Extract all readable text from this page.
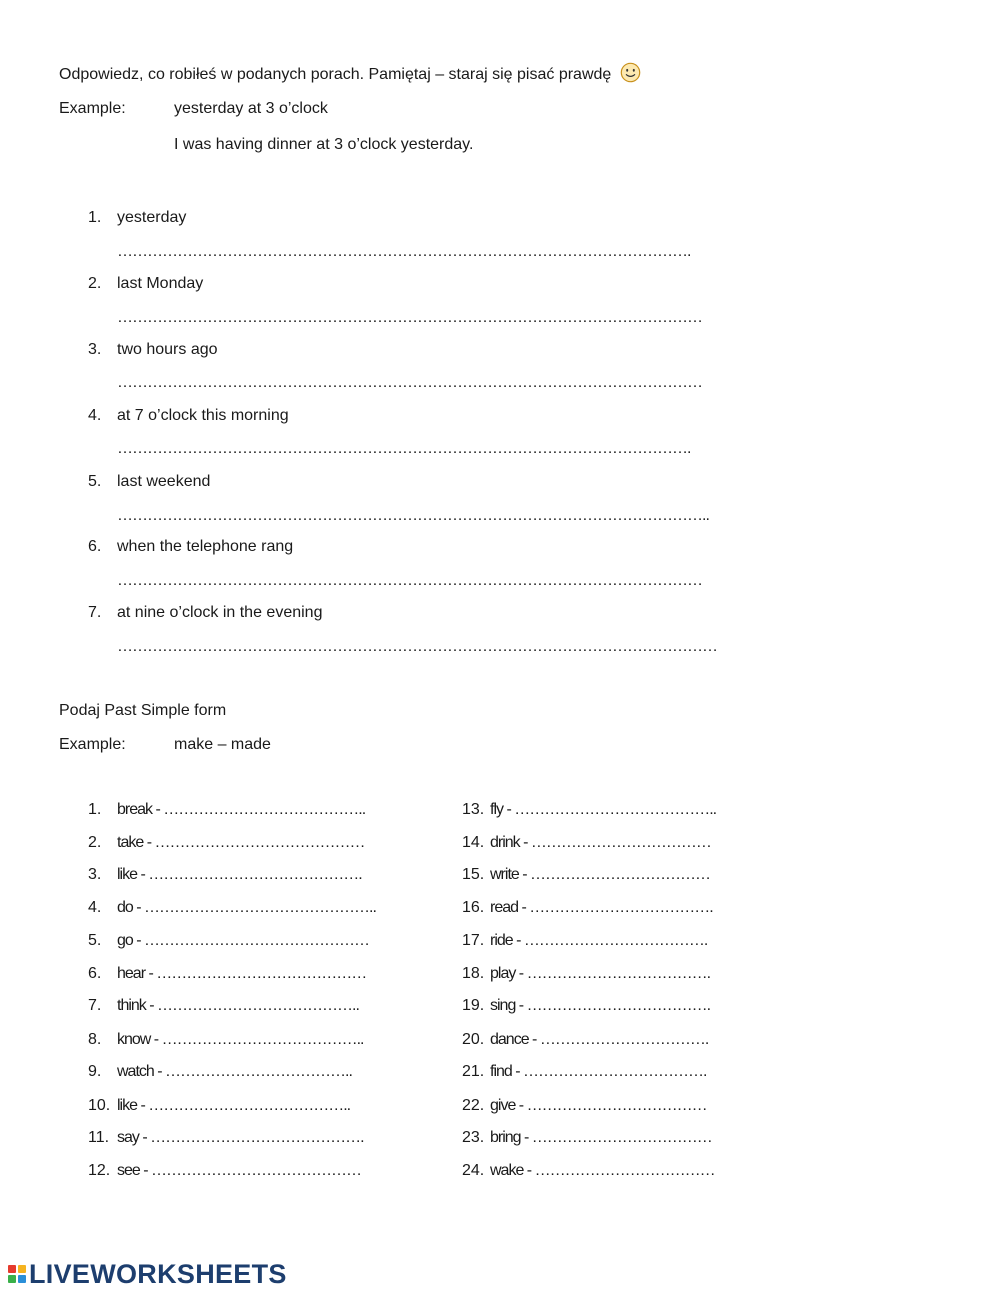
Odpowiedz, co robiłeś w podanych porach. Pamiętaj – staraj się pisać prawdę
Example:	yesterday at 3 o’clock
I was having dinner at 3 o’clock yesterday.
1. yesterday
…………………………………………………………………………………………………….
2. last Monday
………………………………………………………………………………………………………
3. two hours ago
………………………………………………………………………………………………………
4. at 7 o’clock this morning
…………………………………………………………………………………………………….
5. last weekend
………………………………………………………………………………………………………..
6. when the telephone rang
………………………………………………………………………………………………………
7. at nine o’clock in the evening
…………………………………………………………………………………………………………
Podaj Past Simple form
Example:	make – made
1. break - …………………………………..
2. take - ……………………………………
3. like - …………………………………….
4. do - ………………………………………..
5. go - ………………………………………
6. hear - ……………………………………
7. think - …………………………………..
8. know - …………………………………..
9. watch - ………………………………..
10. like - …………………………………..
11. say - …………………………………….
12. see - ……………………………………
13. fly - …………………………………..
14. drink - ………………………………
15. write - ………………………………
16. read - ……………………………….
17. ride - ……………………………….
18. play - ……………………………….
19. sing - ……………………………….
20. dance - …………………………….
21. find - ……………………………….
22. give - ………………………………
23. bring - ………………………………
24. wake - ………………………………
LIVEWORKSHEETS
